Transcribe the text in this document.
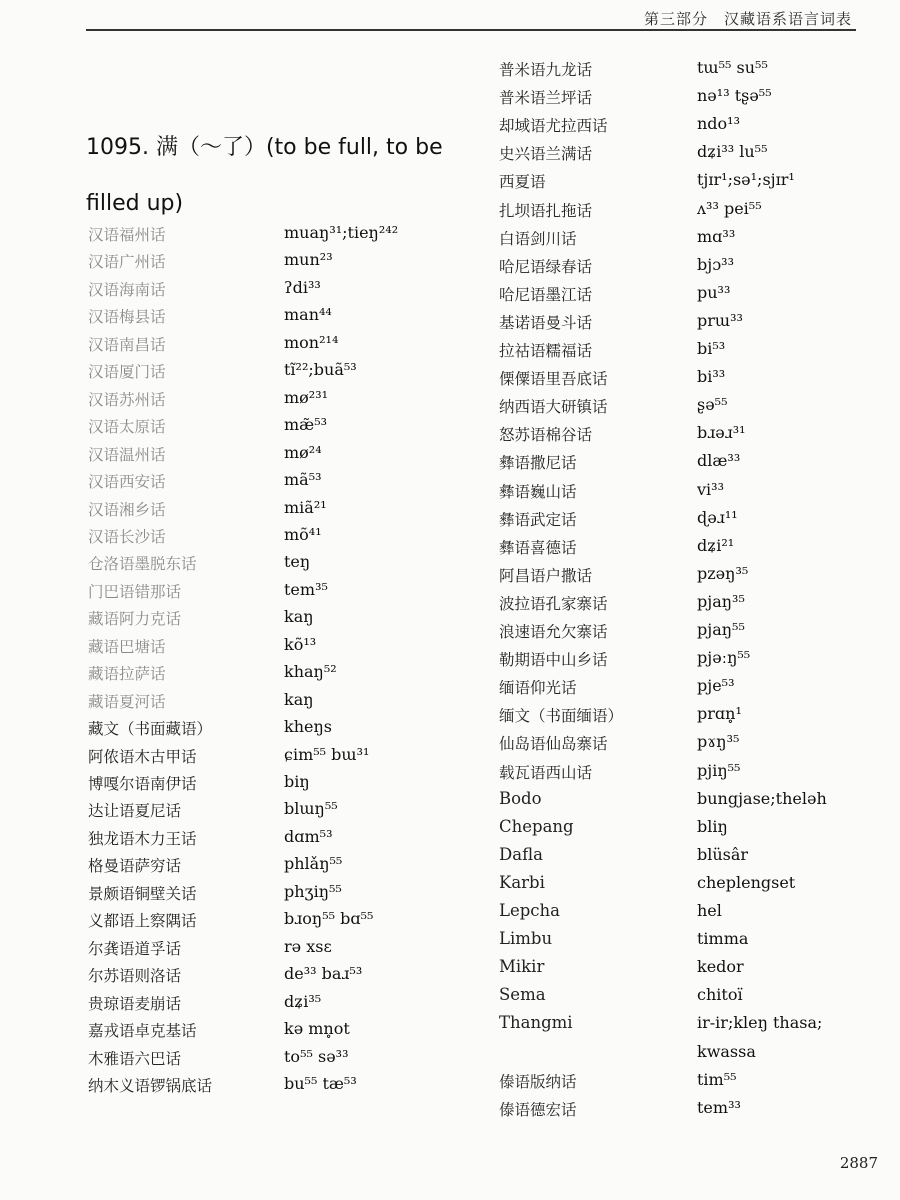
第三部分　汉藏语系语言词表
1095. 满（～了）(to be full, to be filled up)
汉语福州话	muaŋ³¹;tieŋ²⁴²
汉语广州话	mun²³
汉语海南话	ʔdi³³
汉语梅县话	man⁴⁴
汉语南昌话	mon²¹⁴
汉语厦门话	tĩ²²;buã⁵³
汉语苏州话	mø²³¹
汉语太原话	mæ̃⁵³
汉语温州话	mø²⁴
汉语西安话	mã⁵³
汉语湘乡话	miã²¹
汉语长沙话	mõ⁴¹
仓洛语墨脱东话	teŋ
门巴语错那话	tem³⁵
藏语阿力克话	kaŋ
藏语巴塘话	kõ¹³
藏语拉萨话	khaŋ⁵²
藏语夏河话	kaŋ
藏文（书面藏语）	kheŋs
阿侬语木古甲话	ɕim⁵⁵ bɯ³¹
博嘎尔语南伊话	biŋ
达让语夏尼话	blɯŋ⁵⁵
独龙语木力王话	dɑm⁵³
格曼语萨穷话	phlǎŋ⁵⁵
景颇语铜壁关话	phʒiŋ⁵⁵
义都语上察隅话	bɹoŋ⁵⁵ bɑ⁵⁵
尔龚语道孚话	rə xsɛ
尔苏语则洛话	de³³ baɹ⁵³
贵琼语麦崩话	dʑi³⁵
嘉戎语卓克基话	kə mn̥ot
木雅语六巴话	to⁵⁵ sə³³
纳木义语锣锅底话	bu⁵⁵ tæ⁵³
普米语九龙话	tɯ⁵⁵ su⁵⁵
普米语兰坪话	nə¹³ tʂə⁵⁵
却域语尤拉西话	ndo¹³
史兴语兰满话	dʑi³³ lu⁵⁵
西夏语	tjɪr¹;sə¹;sjɪr¹
扎坝语扎拖话	ʌ³³ pei⁵⁵
白语剑川话	mɑ³³
哈尼语绿春话	bjɔ³³
哈尼语墨江话	pu³³
基诺语曼斗话	prɯ³³
拉祜语糯福话	bi⁵³
傈僳语里吾底话	bi³³
纳西语大研镇话	ʂə⁵⁵
怒苏语棉谷话	bɹəɹ³¹
彝语撒尼话	dlæ³³
彝语巍山话	vi³³
彝语武定话	ɖəɹ¹¹
彝语喜德话	dʑi²¹
阿昌语户撒话	pzəŋ³⁵
波拉语孔家寨话	pjaŋ³⁵
浪速语允欠寨话	pjaŋ⁵⁵
勒期语中山乡话	pjəːŋ⁵⁵
缅语仰光话	pje⁵³
缅文（书面缅语）	prɑn̥¹
仙岛语仙岛寨话	pɤŋ³⁵
载瓦语西山话	pjiŋ⁵⁵
Bodo	bungjase;theləh
Chepang	bliŋ
Dafla	blüsâr
Karbi	cheplengset
Lepcha	hel
Limbu	timma
Mikir	kedor
Sema	chitoï
Thangmi	ir-ir;kleŋ thasa;
kwassa
傣语版纳话	tim⁵⁵
傣语德宏话	tem³³
2887
